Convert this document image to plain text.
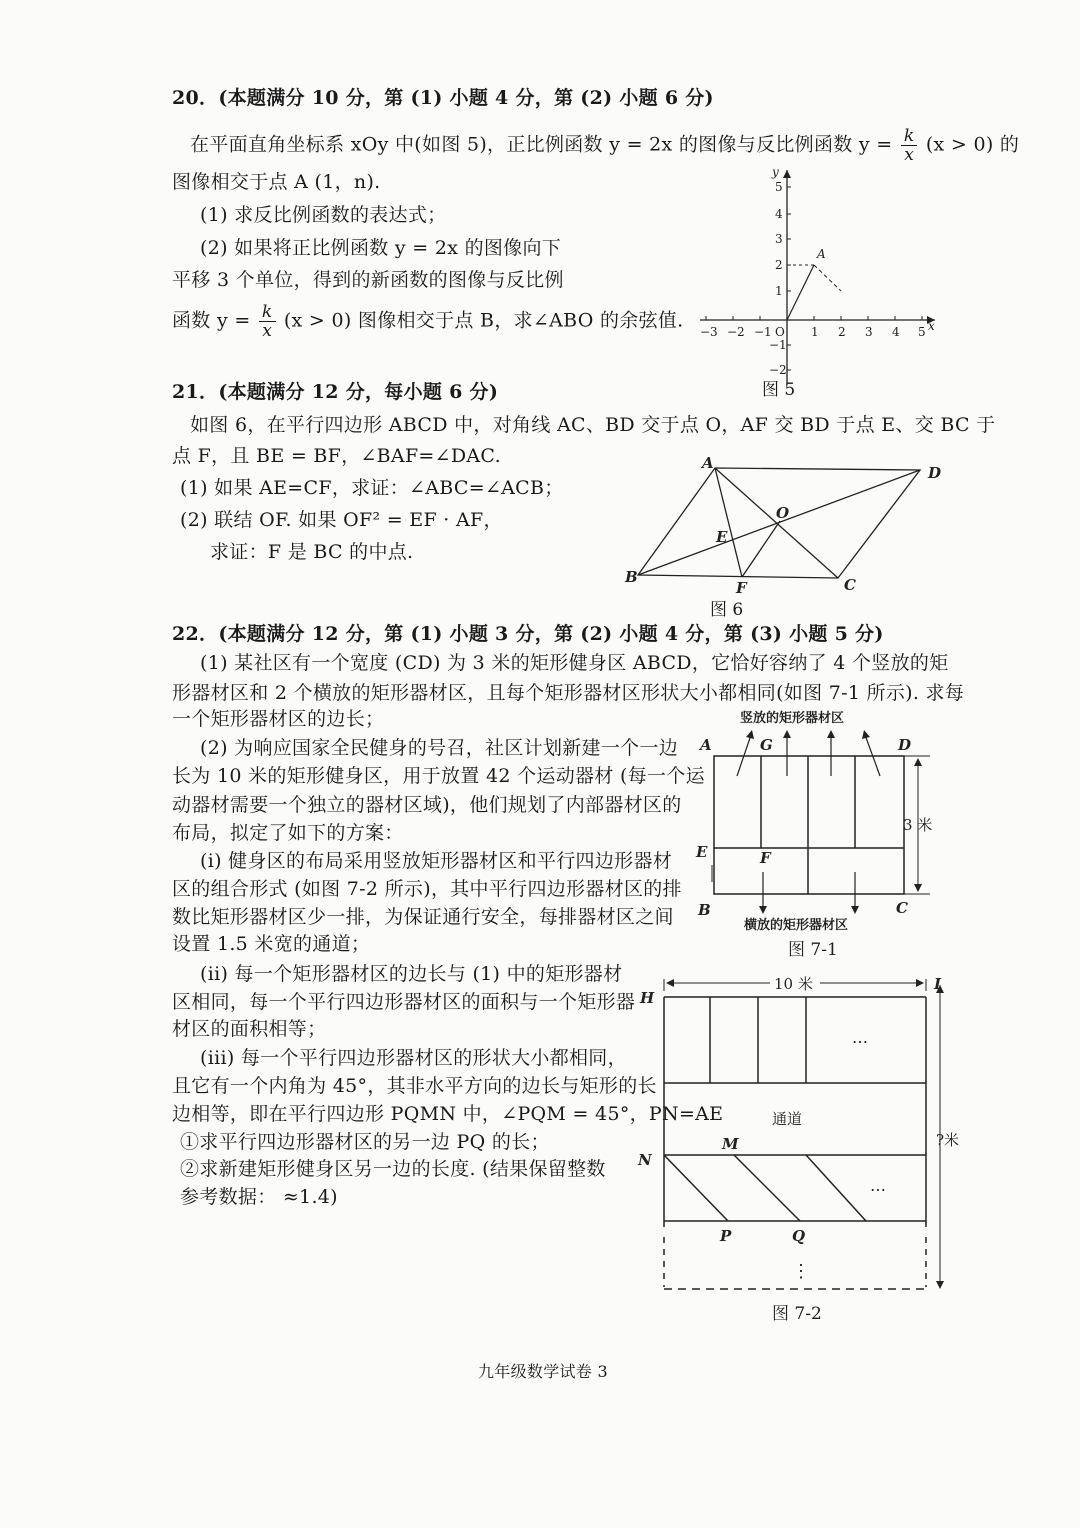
20．(本题满分 10 分，第 (1) 小题 4 分，第 (2) 小题 6 分)
在平面直角坐标系 xOy 中(如图 5)，正比例函数 y = 2x 的图像与反比例函数 $y = \frac{k}{x} (x > 0)$ 的
图像相交于点 A (1，n).
(1) 求反比例函数的表达式；
(2) 如果将正比例函数 y = 2x 的图像向下
平移 3 个单位，得到的新函数的图像与反比例
函数 $y = \frac{k}{x} (x > 0)$ 图像相交于点 B，求∠ABO 的余弦值.
−3 −2 −1 O 1 2 3 4 5
5
4
3
2
1
−1
−2
x
y
A
图 5
21．(本题满分 12 分，每小题 6 分)
如图 6，在平行四边形 ABCD 中，对角线 AC、BD 交于点 O，AF 交 BD 于点 E、交 BC 于
点 F，且 BE = BF，∠BAF=∠DAC.
(1) 如果 AE=CF，求证：∠ABC=∠ACB；
(2) 联结 OF. 如果 OF² = EF · AF，
求证：F 是 BC 的中点.
A
D
B	C
F
E
O
图 6
22．(本题满分 12 分，第 (1) 小题 3 分，第 (2) 小题 4 分，第 (3) 小题 5 分)
(1) 某社区有一个宽度 (CD) 为 3 米的矩形健身区 ABCD，它恰好容纳了 4 个竖放的矩
形器材区和 2 个横放的矩形器材区，且每个矩形器材区形状大小都相同(如图 7-1 所示). 求每
一个矩形器材区的边长；
(2) 为响应国家全民健身的号召，社区计划新建一个一边
长为 10 米的矩形健身区，用于放置 42 个运动器材 (每一个运
动器材需要一个独立的器材区域)，他们规划了内部器材区的
布局，拟定了如下的方案：
(i) 健身区的布局采用竖放矩形器材区和平行四边形器材
区的组合形式 (如图 7-2 所示)，其中平行四边形器材区的排
数比矩形器材区少一排，为保证通行安全，每排器材区之间
设置 1.5 米宽的通道；
(ii) 每一个矩形器材区的边长与 (1) 中的矩形器材
区相同，每一个平行四边形器材区的面积与一个矩形器
材区的面积相等；
(iii) 每一个平行四边形器材区的形状大小都相同，
且它有一个内角为 45°，其非水平方向的边长与矩形的长
边相等，即在平行四边形 PQMN 中，∠PQM = 45°，PN=AE
①求平行四边形器材区的另一边 PQ 的长；
②求新建矩形健身区另一边的长度. (结果保留整数
参考数据： ≈1.4)
A	G	D
E	F
B	C
竖放的矩形器材区
横放的矩形器材区
3 米
图 7-1
10 米
?米
通道
…
…
⋮
H
I
N
M
P	Q
图 7-2
九年级数学试卷 3
